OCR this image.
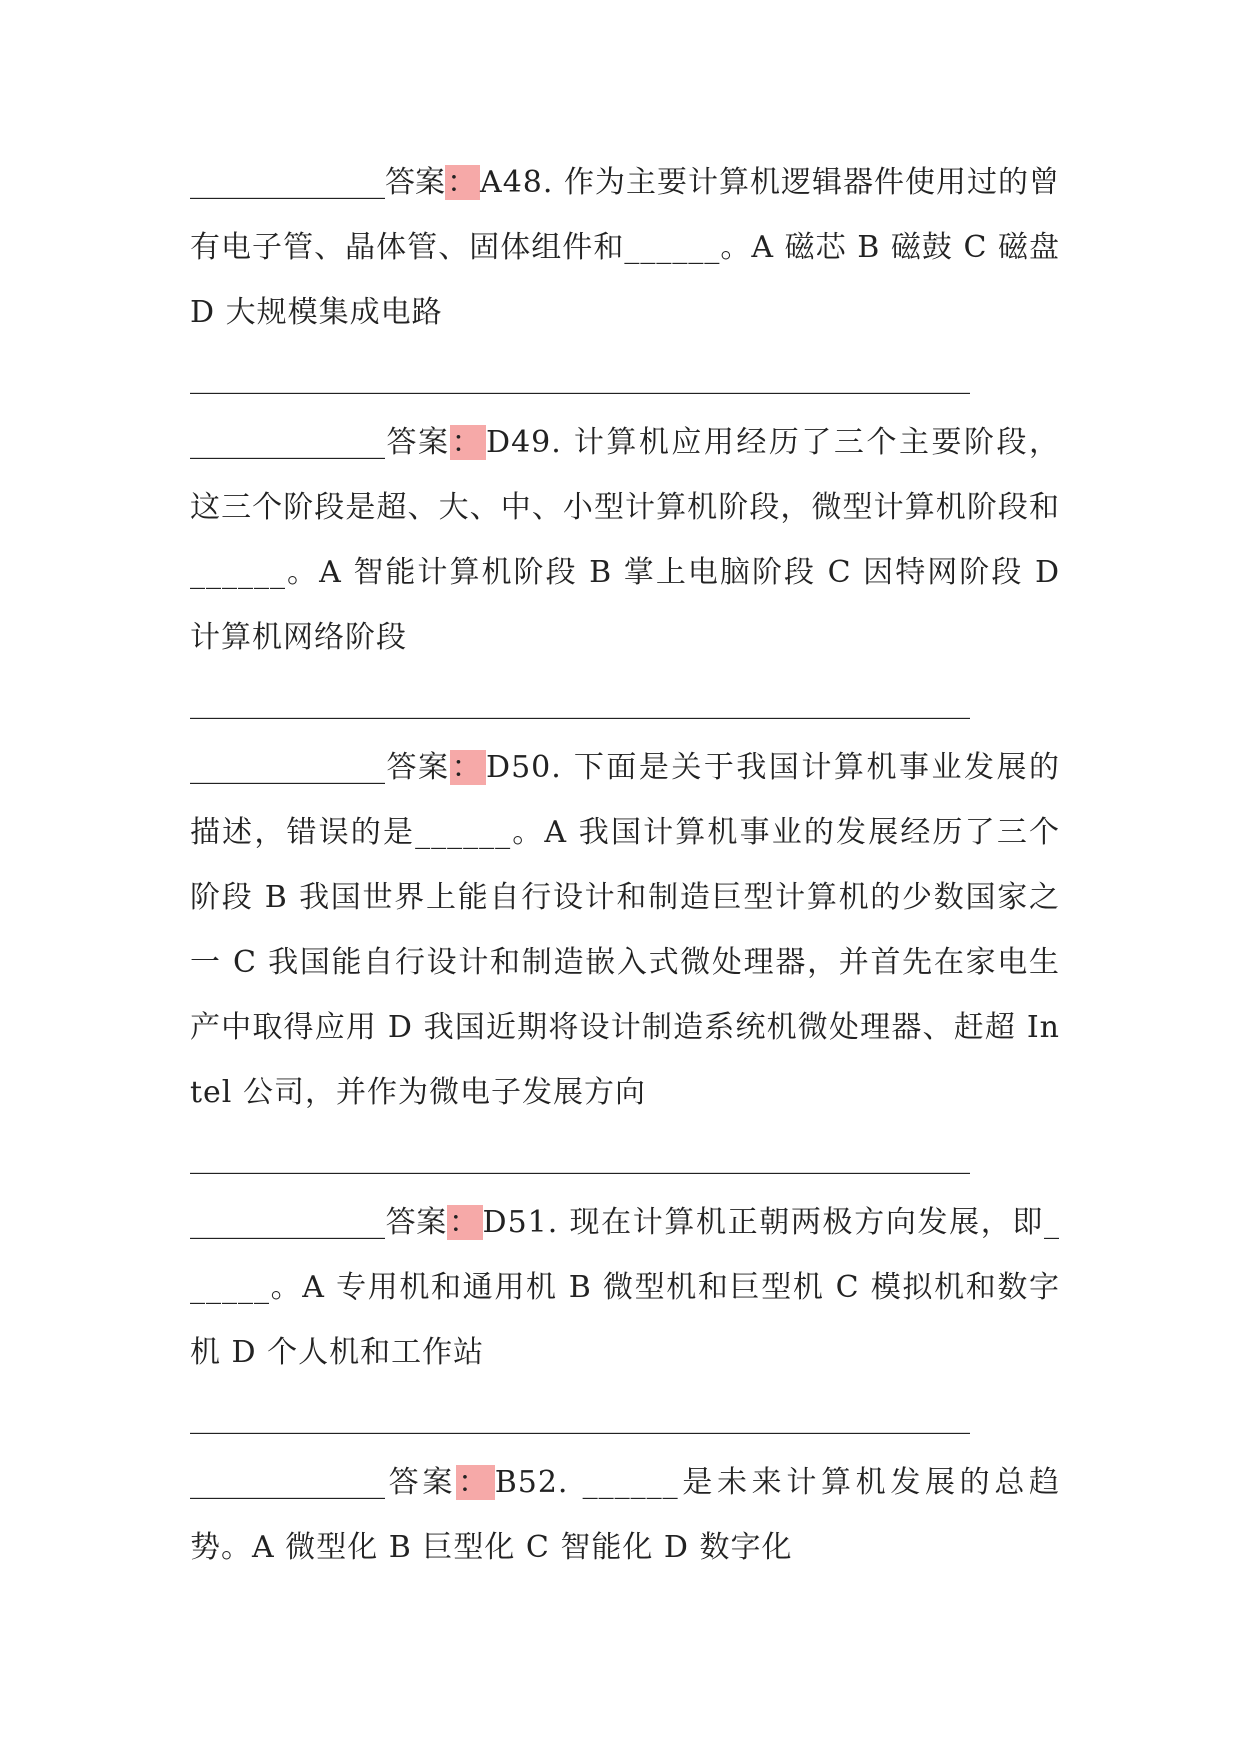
_____________答案：A48. 作为主要计算机逻辑器件使用过的曾有电子管、晶体管、固体组件和______。A 磁芯 B 磁鼓 C 磁盘 D 大规模集成电路
____________________________________________________
_____________答案：D49. 计算机应用经历了三个主要阶段，这三个阶段是超、大、中、小型计算机阶段，微型计算机阶段和______。A 智能计算机阶段 B 掌上电脑阶段 C 因特网阶段 D 计算机网络阶段
____________________________________________________
_____________答案：D50. 下面是关于我国计算机事业发展的描述，错误的是______。A 我国计算机事业的发展经历了三个阶段 B 我国世界上能自行设计和制造巨型计算机的少数国家之一 C 我国能自行设计和制造嵌入式微处理器，并首先在家电生产中取得应用 D 我国近期将设计制造系统机微处理器、赶超 Intel 公司，并作为微电子发展方向
____________________________________________________
_____________答案：D51. 现在计算机正朝两极方向发展，即______。A 专用机和通用机 B 微型机和巨型机 C 模拟机和数字机 D 个人机和工作站
____________________________________________________
_____________答案：B52. ______是未来计算机发展的总趋势。A 微型化 B 巨型化 C 智能化 D 数字化
